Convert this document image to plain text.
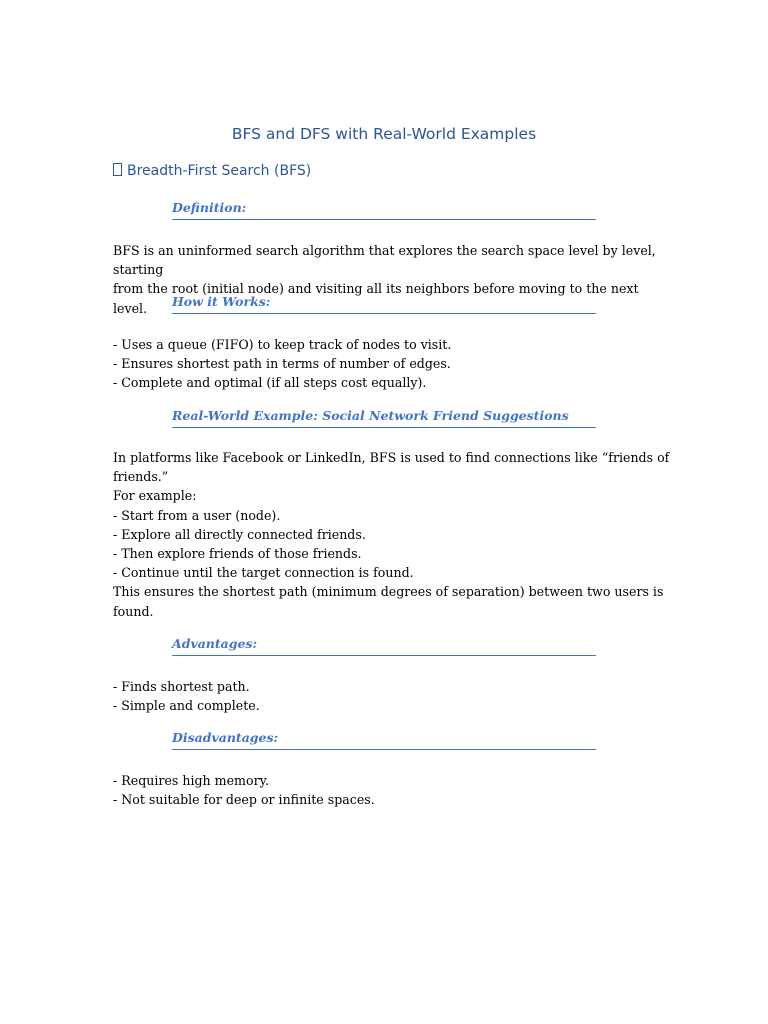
BFS and DFS with Real-World Examples
Breadth-First Search (BFS)
Definition:

BFS is an uninformed search algorithm that explores the search space level by level, starting

from the root (initial node) and visiting all its neighbors before moving to the next level.	How it Works:

- Uses a queue (FIFO) to keep track of nodes to visit.

- Ensures shortest path in terms of number of edges.

- Complete and optimal (if all steps cost equally).

Real-World Example: Social Network Friend Suggestions

In platforms like Facebook or LinkedIn, BFS is used to find connections like “friends of

friends.”

For example:

- Start from a user (node).

- Explore all directly connected friends.

- Then explore friends of those friends.

- Continue until the target connection is found.

This ensures the shortest path (minimum degrees of separation) between two users is

found.

Advantages:

- Finds shortest path.

- Simple and complete.

Disadvantages:

- Requires high memory.

- Not suitable for deep or infinite spaces.
